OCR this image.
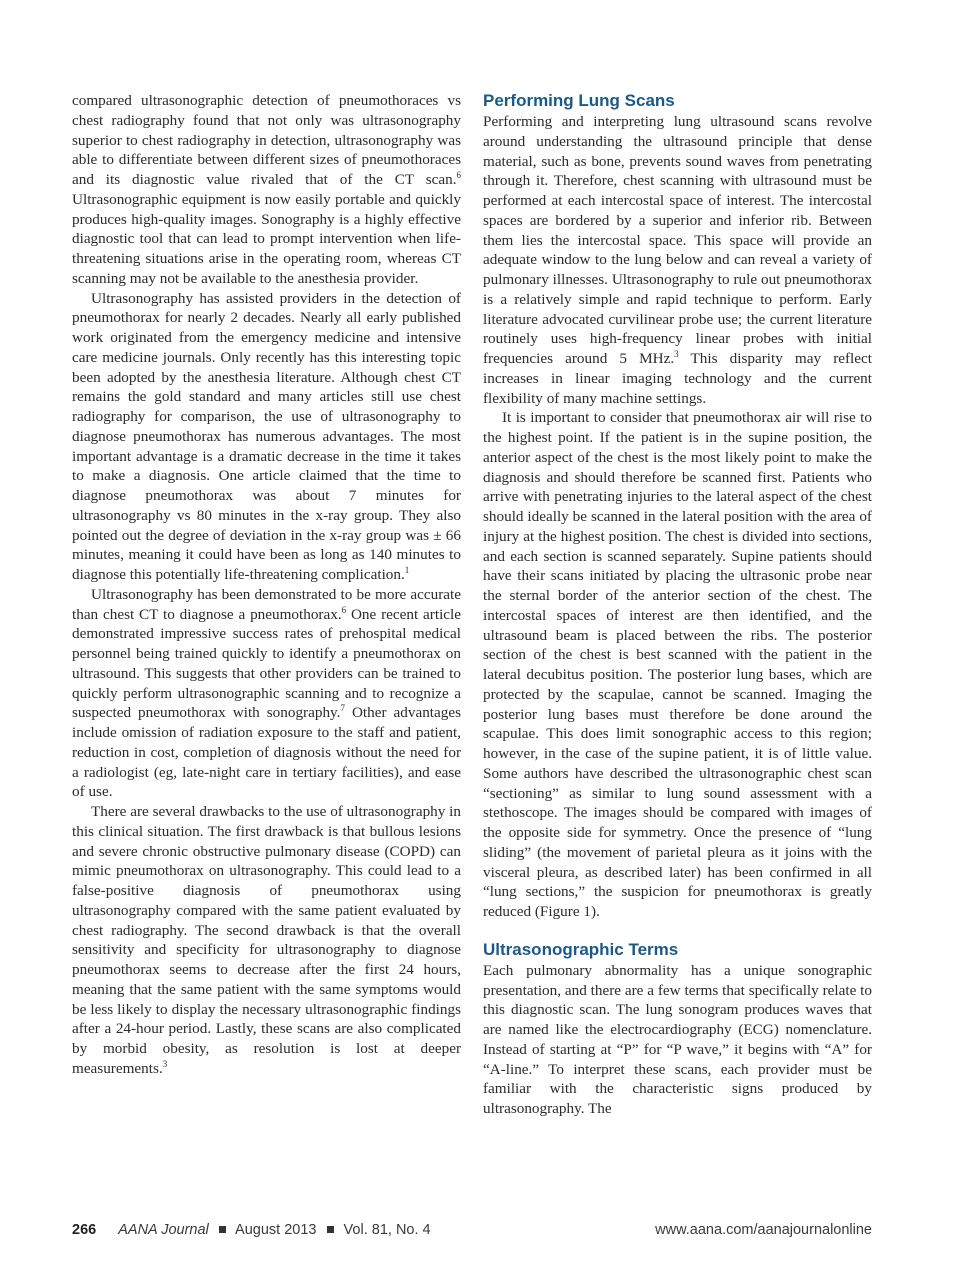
compared ultrasonographic detection of pneumothoraces vs chest radiography found that not only was ultrasonography superior to chest radiography in detection, ultrasonography was able to differentiate between different sizes of pneumothoraces and its diagnostic value rivaled that of the CT scan.$^6$ Ultrasonographic equipment is now easily portable and quickly produces high-quality images. Sonography is a highly effective diagnostic tool that can lead to prompt intervention when life-threatening situations arise in the operating room, whereas CT scanning may not be available to the anesthesia provider.

Ultrasonography has assisted providers in the detection of pneumothorax for nearly 2 decades. Nearly all early published work originated from the emergency medicine and intensive care medicine journals. Only recently has this interesting topic been adopted by the anesthesia literature. Although chest CT remains the gold standard and many articles still use chest radiography for comparison, the use of ultrasonography to diagnose pneumothorax has numerous advantages. The most important advantage is a dramatic decrease in the time it takes to make a diagnosis. One article claimed that the time to diagnose pneumothorax was about 7 minutes for ultrasonography vs 80 minutes in the x-ray group. They also pointed out the degree of deviation in the x-ray group was ± 66 minutes, meaning it could have been as long as 140 minutes to diagnose this potentially life-threatening complication.$^1$

Ultrasonography has been demonstrated to be more accurate than chest CT to diagnose a pneumothorax.$^6$ One recent article demonstrated impressive success rates of prehospital medical personnel being trained quickly to identify a pneumothorax on ultrasound. This suggests that other providers can be trained to quickly perform ultrasonographic scanning and to recognize a suspected pneumothorax with sonography.$^7$ Other advantages include omission of radiation exposure to the staff and patient, reduction in cost, completion of diagnosis without the need for a radiologist (eg, late-night care in tertiary facilities), and ease of use.

There are several drawbacks to the use of ultrasonography in this clinical situation. The first drawback is that bullous lesions and severe chronic obstructive pulmonary disease (COPD) can mimic pneumothorax on ultrasonography. This could lead to a false-positive diagnosis of pneumothorax using ultrasonography compared with the same patient evaluated by chest radiography. The second drawback is that the overall sensitivity and specificity for ultrasonography to diagnose pneumothorax seems to decrease after the first 24 hours, meaning that the same patient with the same symptoms would be less likely to display the necessary ultrasonographic findings after a 24-hour period. Lastly, these scans are also complicated by morbid obesity, as resolution is lost at deeper measurements.$^3$

Performing Lung Scans

Performing and interpreting lung ultrasound scans revolve around understanding the ultrasound principle that dense material, such as bone, prevents sound waves from penetrating through it. Therefore, chest scanning with ultrasound must be performed at each intercostal space of interest. The intercostal spaces are bordered by a superior and inferior rib. Between them lies the intercostal space. This space will provide an adequate window to the lung below and can reveal a variety of pulmonary illnesses. Ultrasonography to rule out pneumothorax is a relatively simple and rapid technique to perform. Early literature advocated curvilinear probe use; the current literature routinely uses high-frequency linear probes with initial frequencies around 5 MHz.$^3$ This disparity may reflect increases in linear imaging technology and the current flexibility of many machine settings.

It is important to consider that pneumothorax air will rise to the highest point. If the patient is in the supine position, the anterior aspect of the chest is the most likely point to make the diagnosis and should therefore be scanned first. Patients who arrive with penetrating injuries to the lateral aspect of the chest should ideally be scanned in the lateral position with the area of injury at the highest position. The chest is divided into sections, and each section is scanned separately. Supine patients should have their scans initiated by placing the ultrasonic probe near the sternal border of the anterior section of the chest. The intercostal spaces of interest are then identified, and the ultrasound beam is placed between the ribs. The posterior section of the chest is best scanned with the patient in the lateral decubitus position. The posterior lung bases, which are protected by the scapulae, cannot be scanned. Imaging the posterior lung bases must therefore be done around the scapulae. This does limit sonographic access to this region; however, in the case of the supine patient, it is of little value. Some authors have described the ultrasonographic chest scan “sectioning” as similar to lung sound assessment with a stethoscope. The images should be compared with images of the opposite side for symmetry. Once the presence of “lung sliding” (the movement of parietal pleura as it joins with the visceral pleura, as described later) has been confirmed in all “lung sections,” the suspicion for pneumothorax is greatly reduced (Figure 1).

Ultrasonographic Terms

Each pulmonary abnormality has a unique sonographic presentation, and there are a few terms that specifically relate to this diagnostic scan. The lung sonogram produces waves that are named like the electrocardiography (ECG) nomenclature. Instead of starting at “P” for “P wave,” it begins with “A” for “A-line.” To interpret these scans, each provider must be familiar with the characteristic signs produced by ultrasonography. The

266 AANA Journal August 2013 Vol. 81, No. 4	www.aana.com/aanajournalonline
